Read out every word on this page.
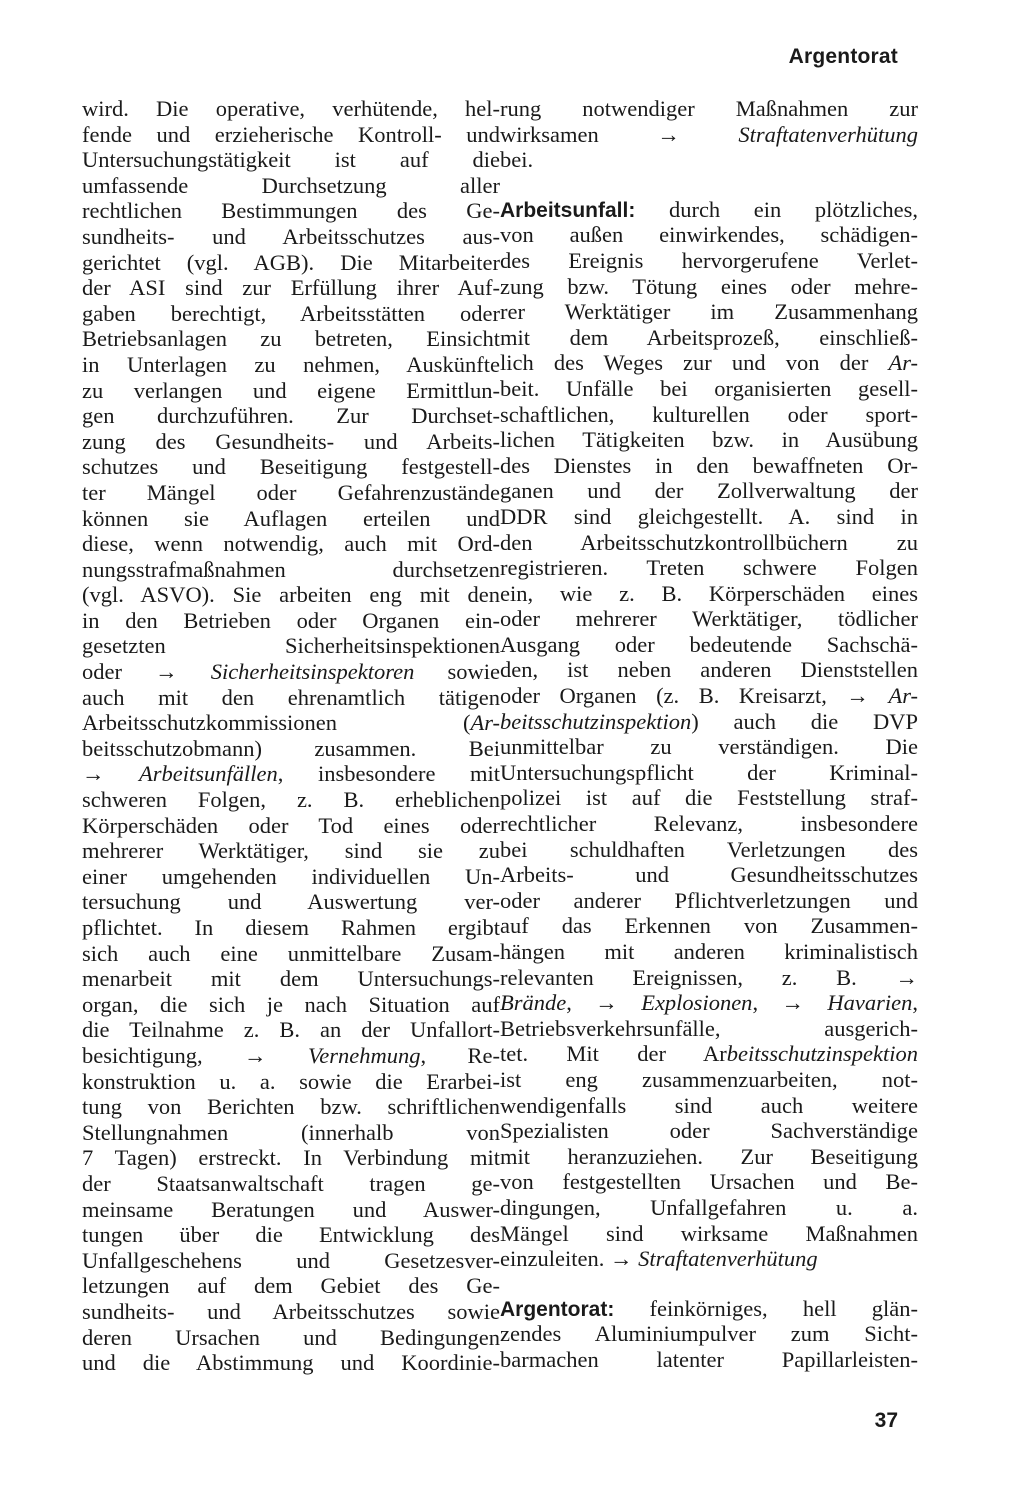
Argentorat

wird. Die operative, verhütende, hel-
fende und erzieherische Kontroll- und
Untersuchungstätigkeit ist auf die
umfassende Durchsetzung aller
rechtlichen Bestimmungen des Ge-
sundheits- und Arbeitsschutzes aus-
gerichtet (vgl. AGB). Die Mitarbeiter
der ASI sind zur Erfüllung ihrer Auf-
gaben berechtigt, Arbeitsstätten oder
Betriebsanlagen zu betreten, Einsicht
in Unterlagen zu nehmen, Auskünfte
zu verlangen und eigene Ermittlun-
gen durchzuführen. Zur Durchset-
zung des Gesundheits- und Arbeits-
schutzes und Beseitigung festgestell-
ter Mängel oder Gefahrenzustände
können sie Auflagen erteilen und
diese, wenn notwendig, auch mit Ord-
nungsstrafmaßnahmen durchsetzen
(vgl. ASVO). Sie arbeiten eng mit den
in den Betrieben oder Organen ein-
gesetzten Sicherheitsinspektionen
oder → Sicherheitsinspektoren sowie
auch mit den ehrenamtlich tätigen
Arbeitsschutzkommissionen (Ar-
beitsschutzobmann) zusammen. Bei
→ Arbeitsunfällen, insbesondere mit
schweren Folgen, z. B. erheblichen
Körperschäden oder Tod eines oder
mehrerer Werktätiger, sind sie zu
einer umgehenden individuellen Un-
tersuchung und Auswertung ver-
pflichtet. In diesem Rahmen ergibt
sich auch eine unmittelbare Zusam-
menarbeit mit dem Untersuchungs-
organ, die sich je nach Situation auf
die Teilnahme z. B. an der Unfallort-
besichtigung, → Vernehmung, Re-
konstruktion u. a. sowie die Erarbei-
tung von Berichten bzw. schriftlichen
Stellungnahmen (innerhalb von
7 Tagen) erstreckt. In Verbindung mit
der Staatsanwaltschaft tragen ge-
meinsame Beratungen und Auswer-
tungen über die Entwicklung des
Unfallgeschehens und Gesetzesver-
letzungen auf dem Gebiet des Ge-
sundheits- und Arbeitsschutzes sowie
deren Ursachen und Bedingungen
und die Abstimmung und Koordinie-

rung notwendiger Maßnahmen zur
wirksamen → Straftatenverhütung
bei.

Arbeitsunfall: durch ein plötzliches,
von außen einwirkendes, schädigen-
des Ereignis hervorgerufene Verlet-
zung bzw. Tötung eines oder mehre-
rer Werktätiger im Zusammenhang
mit dem Arbeitsprozeß, einschließ-
lich des Weges zur und von der Ar-
beit. Unfälle bei organisierten gesell-
schaftlichen, kulturellen oder sport-
lichen Tätigkeiten bzw. in Ausübung
des Dienstes in den bewaffneten Or-
ganen und der Zollverwaltung der
DDR sind gleichgestellt. A. sind in
den Arbeitsschutzkontrollbüchern zu
registrieren. Treten schwere Folgen
ein, wie z. B. Körperschäden eines
oder mehrerer Werktätiger, tödlicher
Ausgang oder bedeutende Sachschä-
den, ist neben anderen Dienststellen
oder Organen (z. B. Kreisarzt, → Ar-
beitsschutzinspektion) auch die DVP
unmittelbar zu verständigen. Die
Untersuchungspflicht der Kriminal-
polizei ist auf die Feststellung straf-
rechtlicher Relevanz, insbesondere
bei schuldhaften Verletzungen des
Arbeits- und Gesundheitsschutzes
oder anderer Pflichtverletzungen und
auf das Erkennen von Zusammen-
hängen mit anderen kriminalistisch
relevanten Ereignissen, z. B. →
Brände, → Explosionen, → Havarien,
Betriebsverkehrsunfälle, ausgerich-
tet. Mit der Arbeitsschutzinspektion
ist eng zusammenzuarbeiten, not-
wendigenfalls sind auch weitere
Spezialisten oder Sachverständige
mit heranzuziehen. Zur Beseitigung
von festgestellten Ursachen und Be-
dingungen, Unfallgefahren u. a.
Mängel sind wirksame Maßnahmen
einzuleiten. → Straftatenverhütung

Argentorat: feinkörniges, hell glän-
zendes Aluminiumpulver zum Sicht-
barmachen latenter Papillarleisten-

37
